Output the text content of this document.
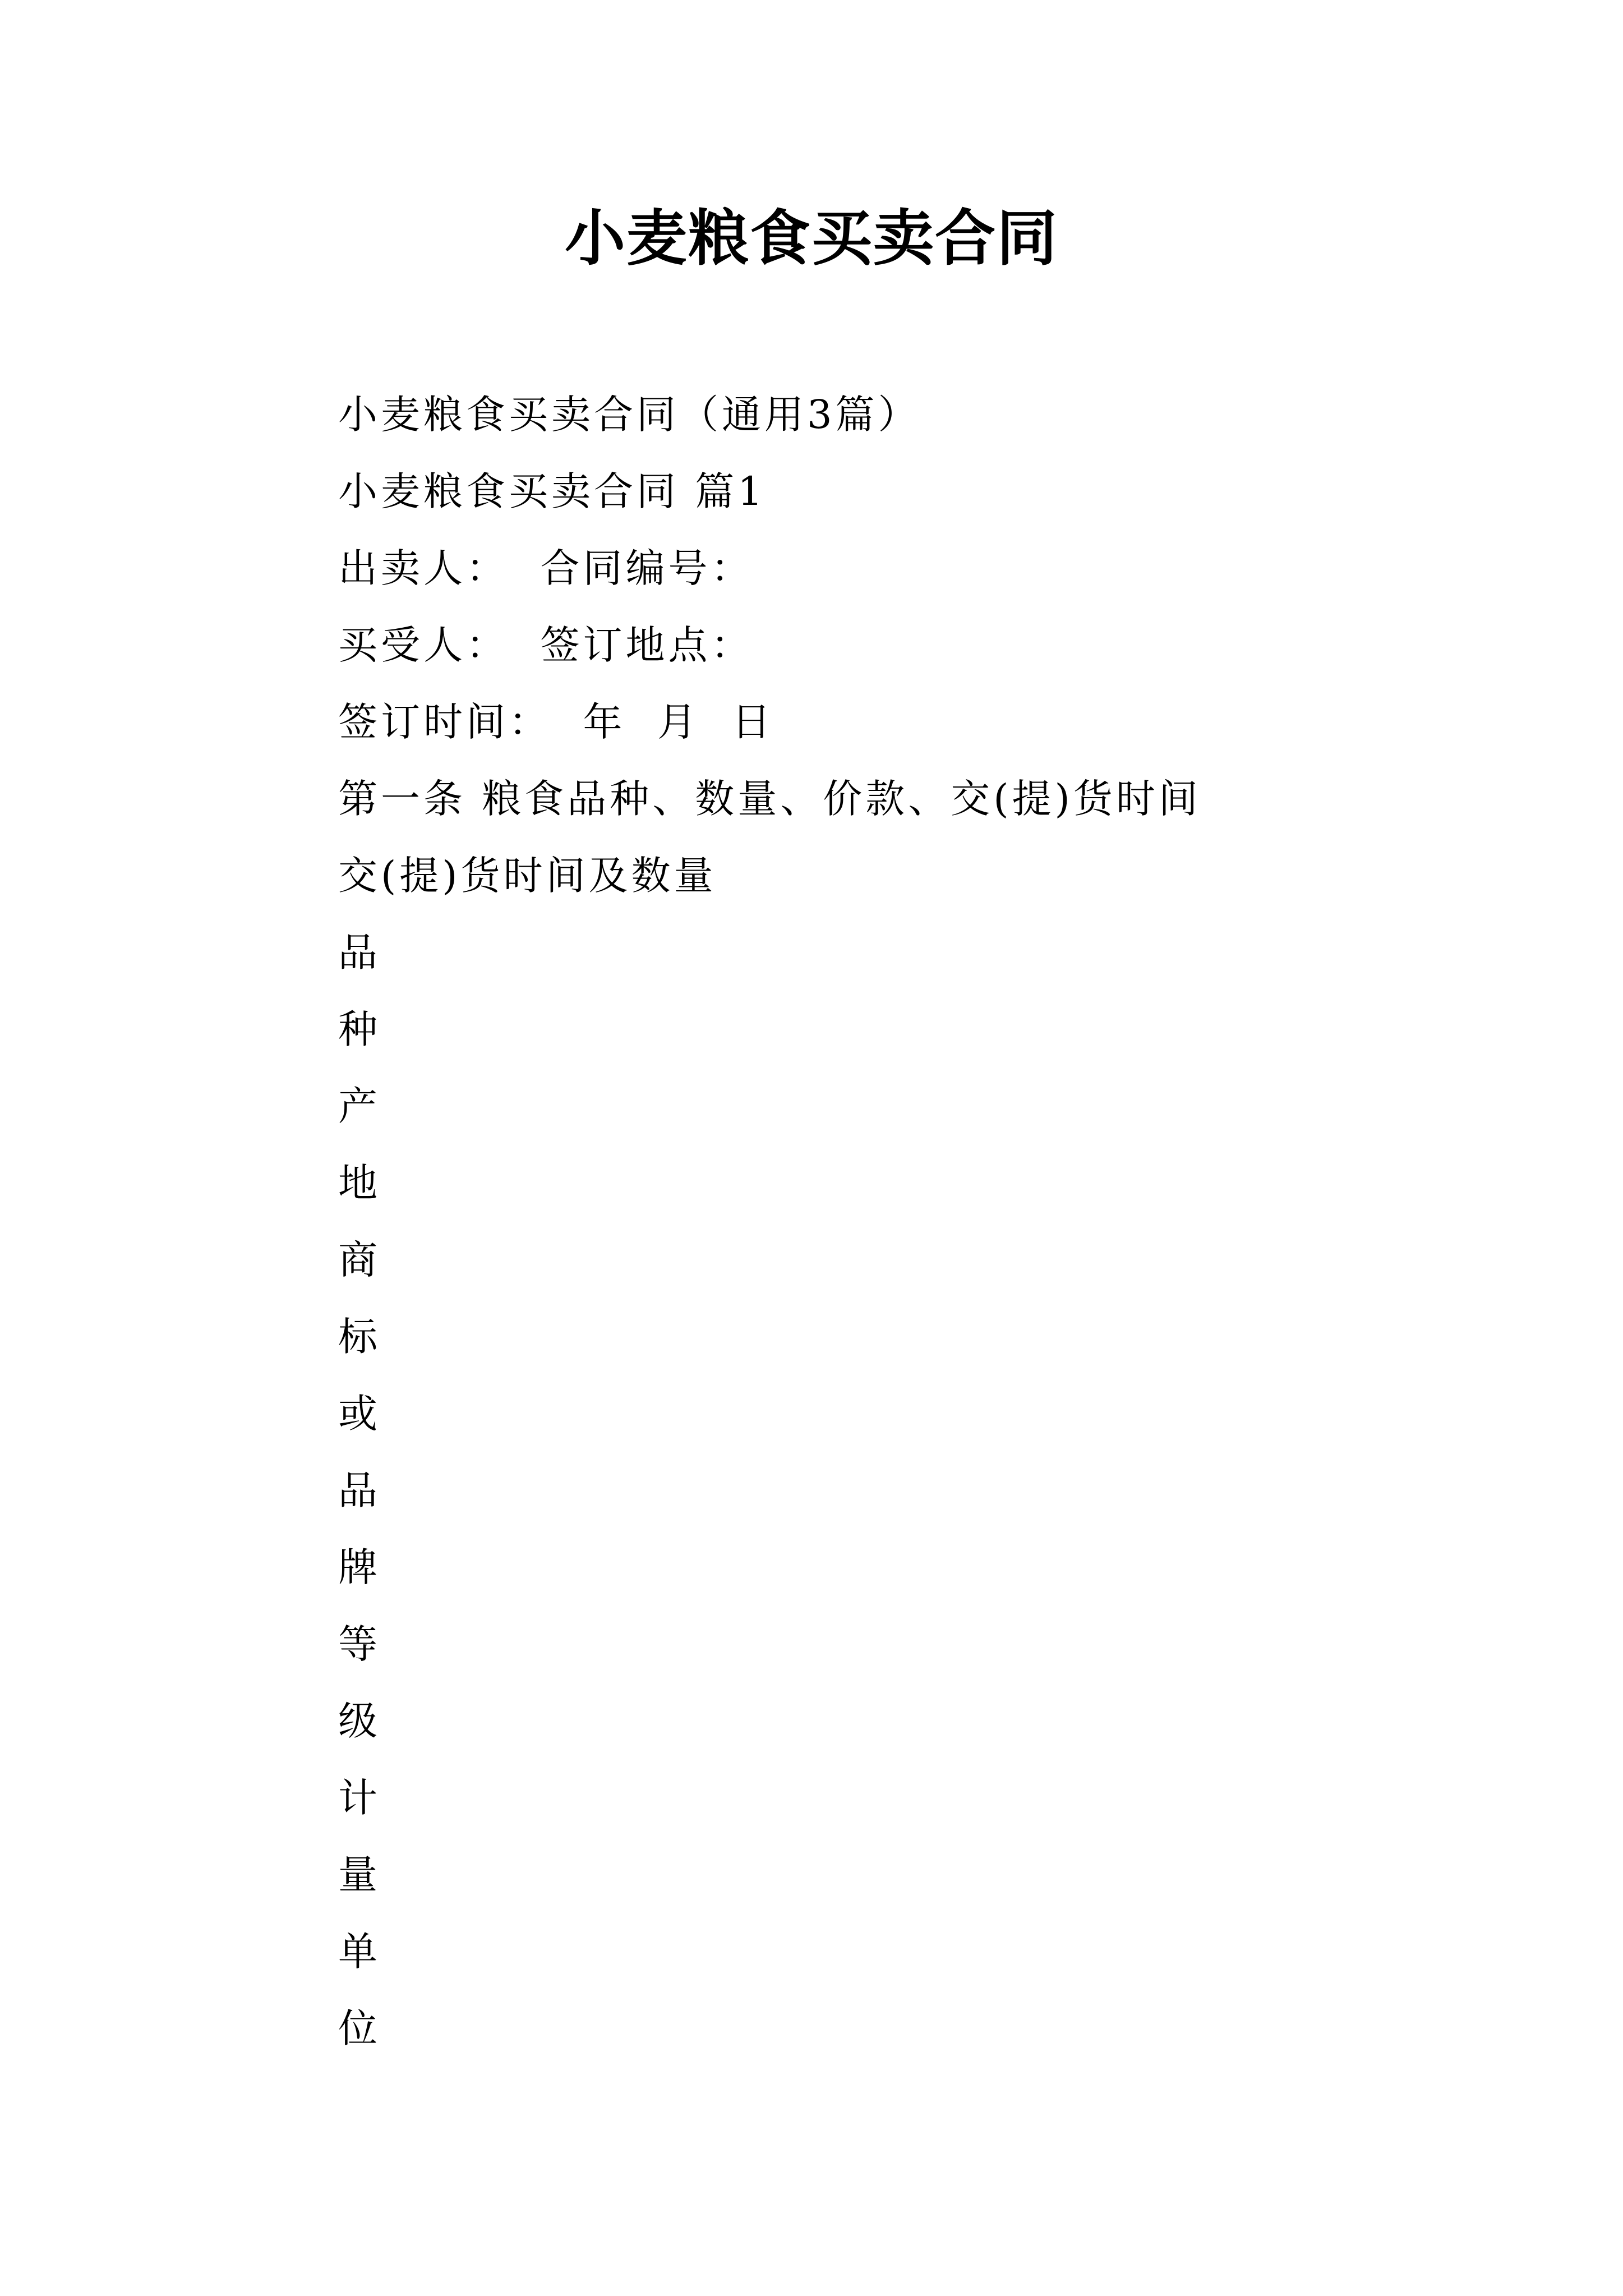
小麦粮食买卖合同
小麦粮食买卖合同（通用3篇）
小麦粮食买卖合同 篇1
出卖人：  合同编号：
买受人：  签订地点：
签订时间：  年  月  日
第一条 粮食品种、数量、价款、交(提)货时间
交(提)货时间及数量
品
种
产
地
商
标
或
品
牌
等
级
计
量
单
位
